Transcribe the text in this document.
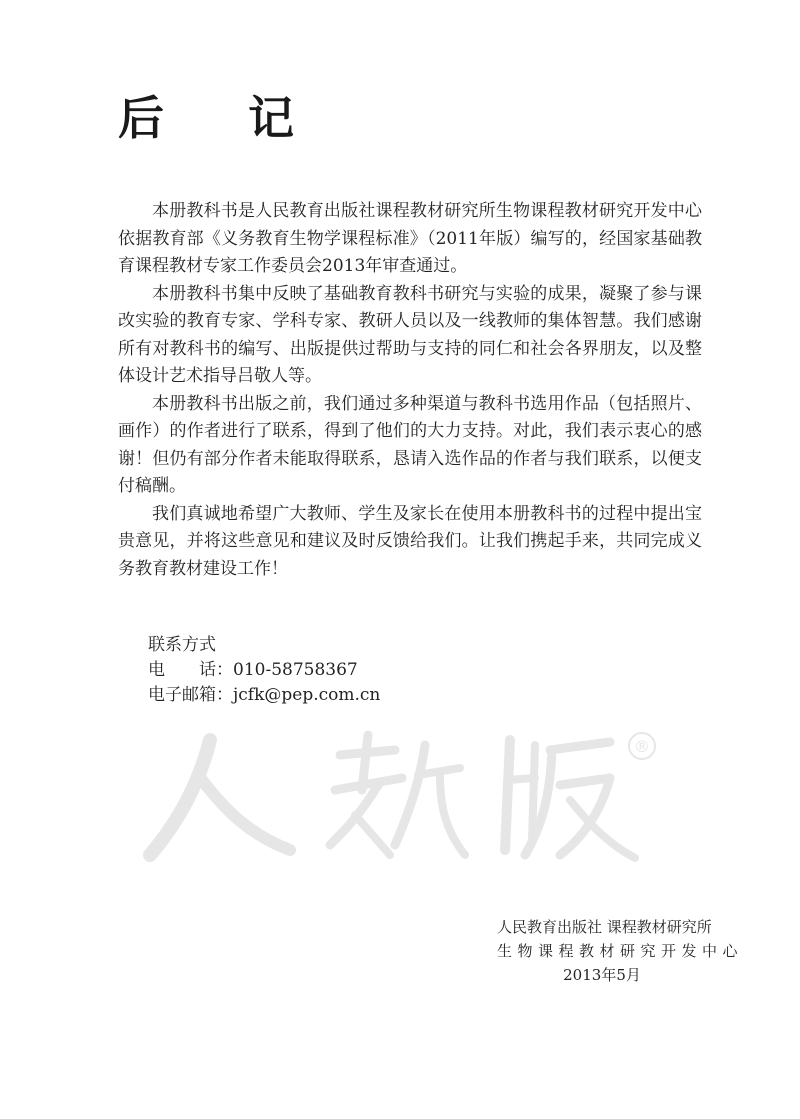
后 记

本册教科书是人民教育出版社课程教材研究所生物课程教材研究开发中心依据教育部《义务教育生物学课程标准》（2011年版）编写的，经国家基础教育课程教材专家工作委员会2013年审查通过。

本册教科书集中反映了基础教育教科书研究与实验的成果，凝聚了参与课改实验的教育专家、学科专家、教研人员以及一线教师的集体智慧。我们感谢所有对教科书的编写、出版提供过帮助与支持的同仁和社会各界朋友，以及整体设计艺术指导吕敬人等。

本册教科书出版之前，我们通过多种渠道与教科书选用作品（包括照片、画作）的作者进行了联系，得到了他们的大力支持。对此，我们表示衷心的感谢！但仍有部分作者未能取得联系，恳请入选作品的作者与我们联系，以便支付稿酬。

我们真诚地希望广大教师、学生及家长在使用本册教科书的过程中提出宝贵意见，并将这些意见和建议及时反馈给我们。让我们携起手来，共同完成义务教育教材建设工作！

联系方式
电　　话：010-58758367
电子邮箱：jcfk@pep.com.cn
®
人民教育出版社 课程教材研究所
生物课程教材研究开发中心
2013年5月
